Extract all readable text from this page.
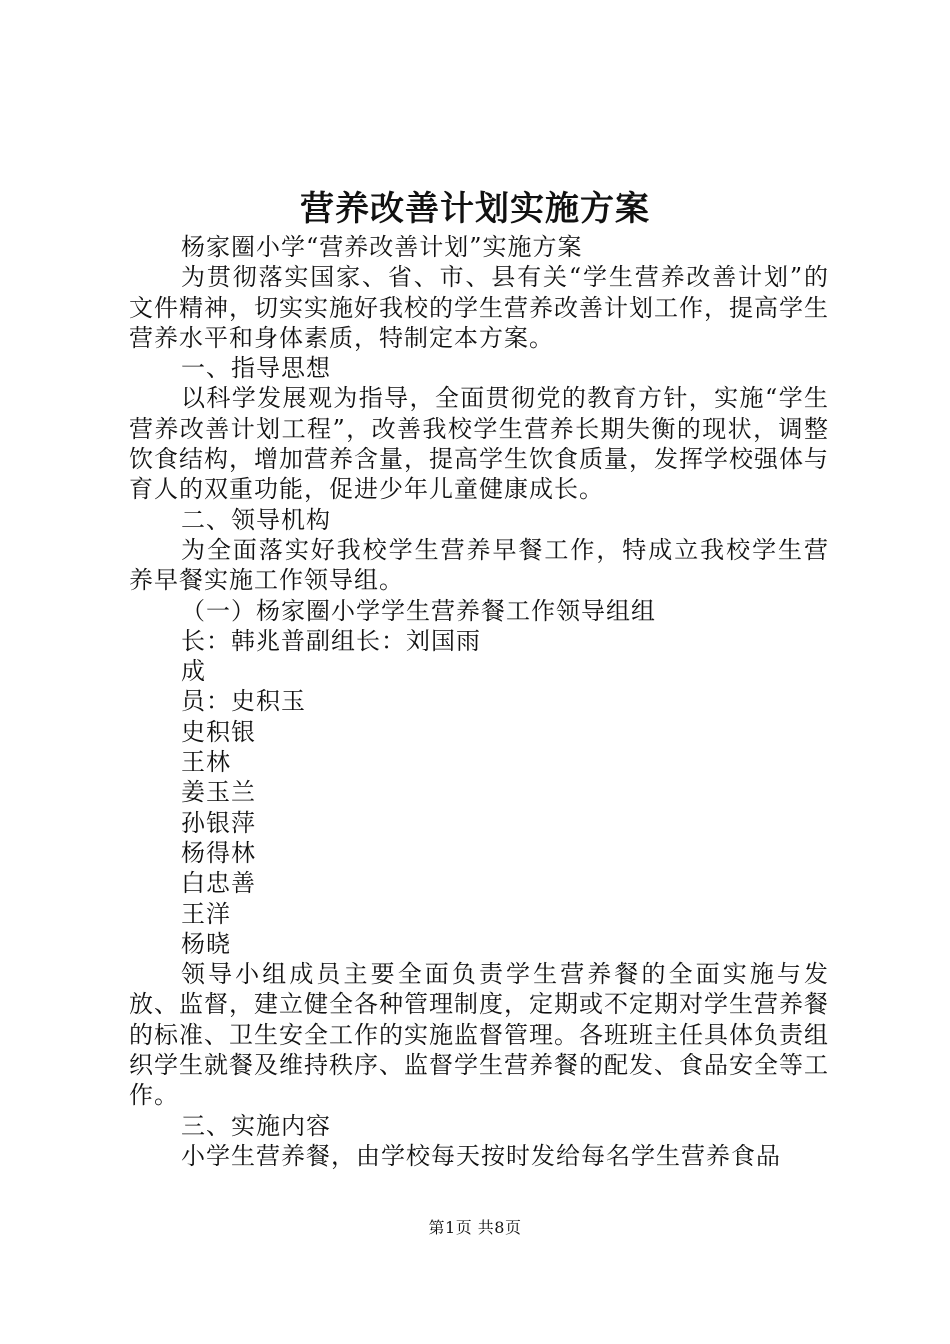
营养改善计划实施方案

杨家圈小学“营养改善计划”实施方案

为贯彻落实国家、省、市、县有关“学生营养改善计划”的文件精神，切实实施好我校的学生营养改善计划工作，提高学生营养水平和身体素质，特制定本方案。

一、指导思想

以科学发展观为指导，全面贯彻党的教育方针，实施“学生营养改善计划工程”，改善我校学生营养长期失衡的现状，调整饮食结构，增加营养含量，提高学生饮食质量，发挥学校强体与育人的双重功能，促进少年儿童健康成长。

二、领导机构

为全面落实好我校学生营养早餐工作，特成立我校学生营养早餐实施工作领导组。

（一）杨家圈小学学生营养餐工作领导组组

长：韩兆普副组长：刘国雨

成

员：史积玉

史积银

王林

姜玉兰

孙银萍

杨得林

白忠善

王洋

杨晓

领导小组成员主要全面负责学生营养餐的全面实施与发放、监督，建立健全各种管理制度，定期或不定期对学生营养餐的标准、卫生安全工作的实施监督管理。各班班主任具体负责组织学生就餐及维持秩序、监督学生营养餐的配发、食品安全等工作。

三、实施内容

小学生营养餐，由学校每天按时发给每名学生营养食品

第1页 共8页
